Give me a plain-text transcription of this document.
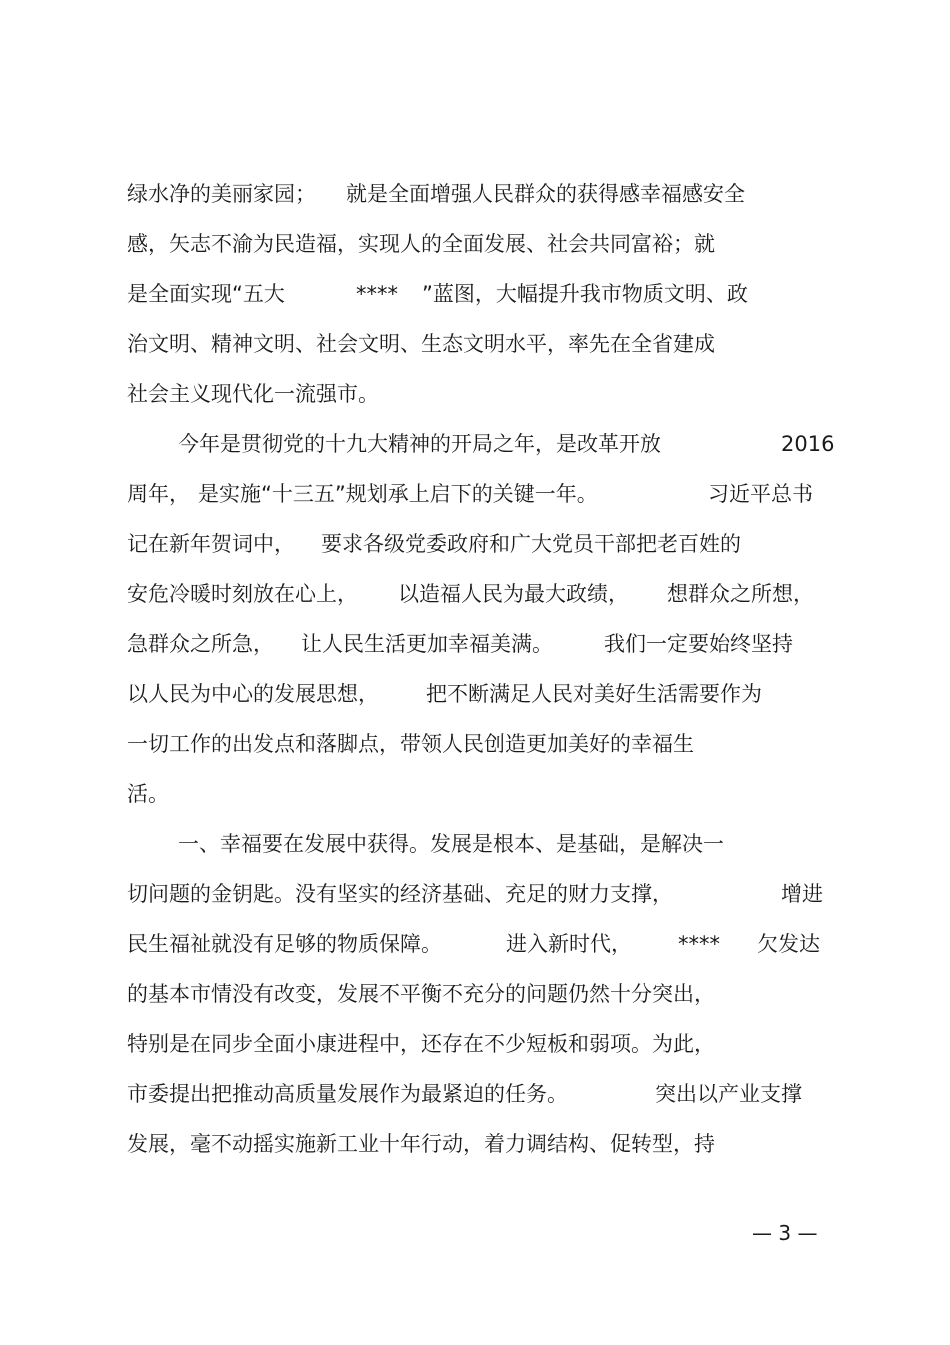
绿水净的美丽家园；

就是全面增强人民群众的获得感幸福感安全

感，矢志不渝为民造福，实现人的全面发展、社会共同富裕；就

是全面实现“五大

	****

”蓝图，大幅提升我市物质文明、政

治文明、精神文明、社会文明、生态文明水平，率先在全省建成

社会主义现代化一流强市。

今年是贯彻党的十九大精神的开局之年，是改革开放

	2016

周年，

是实施“十三五”规划承上启下的关键一年。

	习近平总书

记在新年贺词中，

要求各级党委政府和广大党员干部把老百姓的

安危冷暖时刻放在心上，

以造福人民为最大政绩，

想群众之所想，

急群众之所急，

让人民生活更加幸福美满。

我们一定要始终坚持

以人民为中心的发展思想，

把不断满足人民对美好生活需要作为

一切工作的出发点和落脚点，带领人民创造更加美好的幸福生

活。

一、幸福要在发展中获得。发展是根本、是基础，是解决一

切问题的金钥匙。没有坚实的经济基础、充足的财力支撑，

	增进

民生福祉就没有足够的物质保障。

	进入新时代，

****

欠发达

的基本市情没有改变，发展不平衡不充分的问题仍然十分突出，

特别是在同步全面小康进程中，还存在不少短板和弱项。为此，

市委提出把推动高质量发展作为最紧迫的任务。

	突出以产业支撑

发展，毫不动摇实施新工业十年行动，着力调结构、促转型，持

— 3 —
